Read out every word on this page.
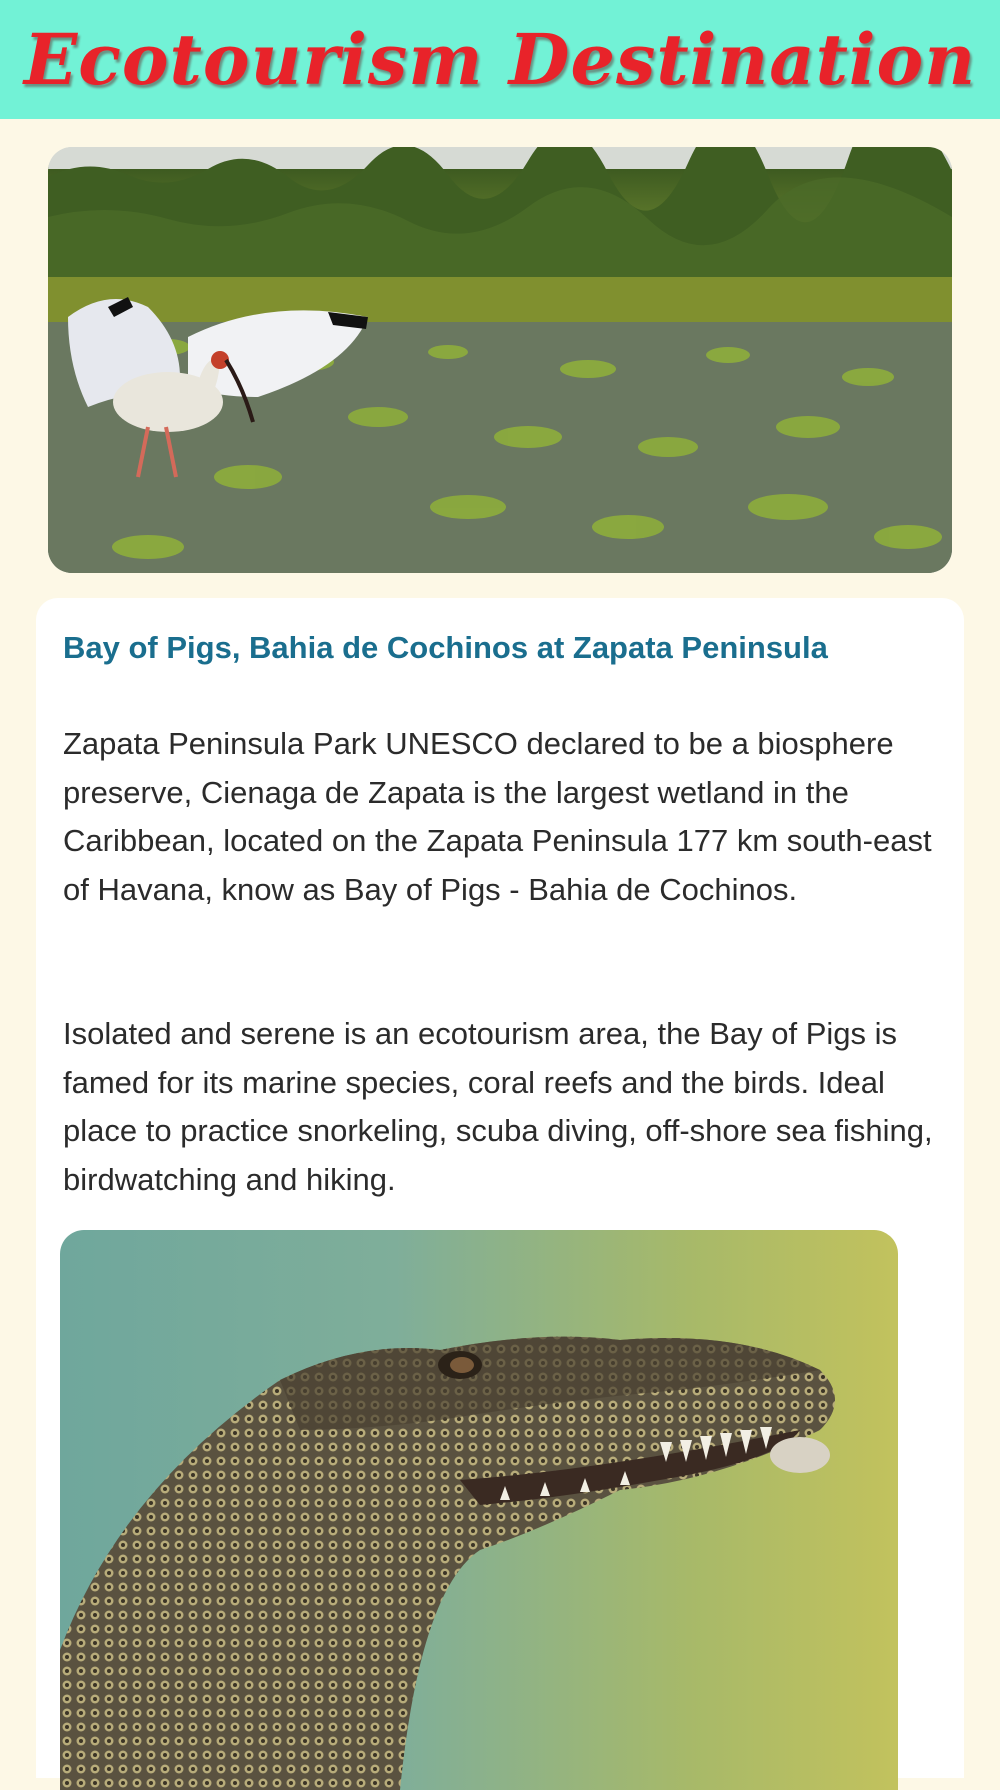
Ecotourism Destination
Bay of Pigs, Bahia de Cochinos at Zapata Peninsula

Zapata Peninsula Park UNESCO declared to be a biosphere preserve, Cienaga de Zapata is the largest wetland in the Caribbean, located on the Zapata Peninsula 177 km south-east of Havana, know as Bay of Pigs - Bahia de Cochinos.

Isolated and serene is an ecotourism area, the Bay of Pigs is famed for its marine species, coral reefs and the birds. Ideal place to practice snorkeling, scuba diving, off-shore sea fishing, birdwatching and hiking.
